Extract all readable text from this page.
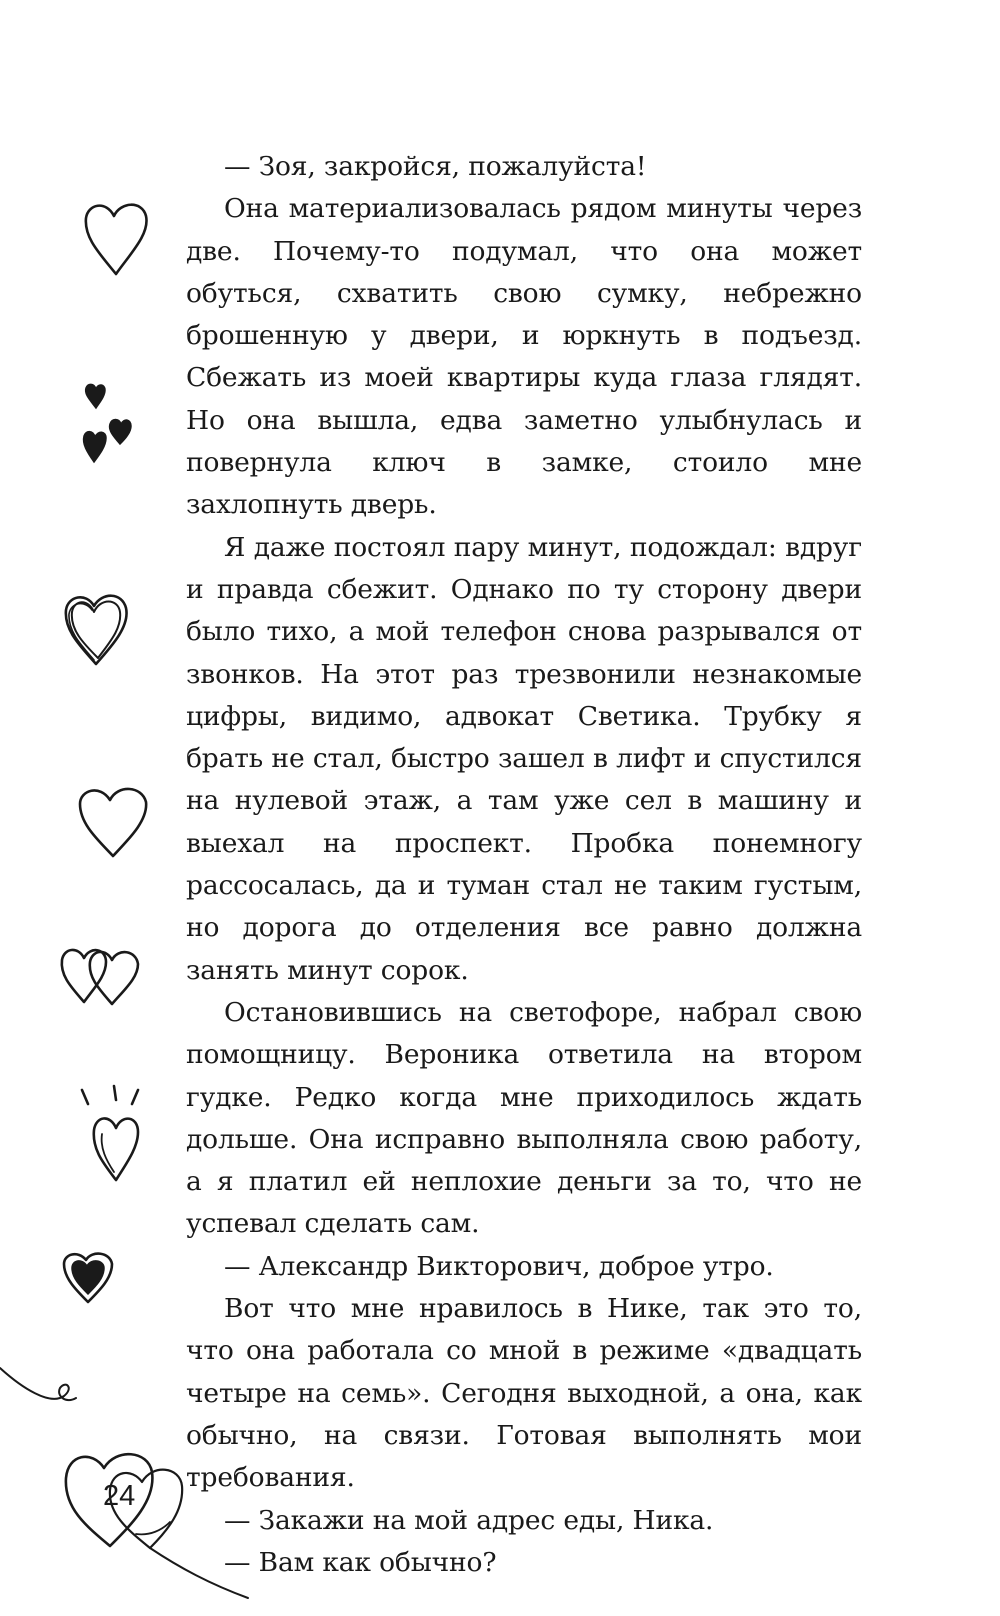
— Зоя, закройся, пожалуйста!

Она материализовалась рядом минуты через две. Почему-то подумал, что она может обуться, схватить свою сумку, небрежно брошенную у двери, и юркнуть в подъезд. Сбежать из моей квартиры куда глаза глядят. Но она вышла, едва заметно улыбнулась и повернула ключ в замке, стоило мне захлопнуть дверь.

Я даже постоял пару минут, подождал: вдруг и правда сбежит. Однако по ту сторону двери было тихо, а мой телефон снова разрывался от звонков. На этот раз трезвонили незнакомые цифры, видимо, адвокат Светика. Трубку я брать не стал, быстро зашел в лифт и спустился на нулевой этаж, а там уже сел в машину и выехал на проспект. Пробка понемногу рассосалась, да и туман стал не таким густым, но дорога до отделения все равно должна занять минут сорок.

Остановившись на светофоре, набрал свою помощницу. Вероника ответила на втором гудке. Редко когда мне приходилось ждать дольше. Она исправно выполняла свою работу, а я платил ей неплохие деньги за то, что не успевал сделать сам.

— Александр Викторович, доброе утро.

Вот что мне нравилось в Нике, так это то, что она работала со мной в режиме «двадцать четыре на семь». Сегодня выходной, а она, как обычно, на связи. Готовая выполнять мои требования.

— Закажи на мой адрес еды, Ника.

— Вам как обычно?

24
